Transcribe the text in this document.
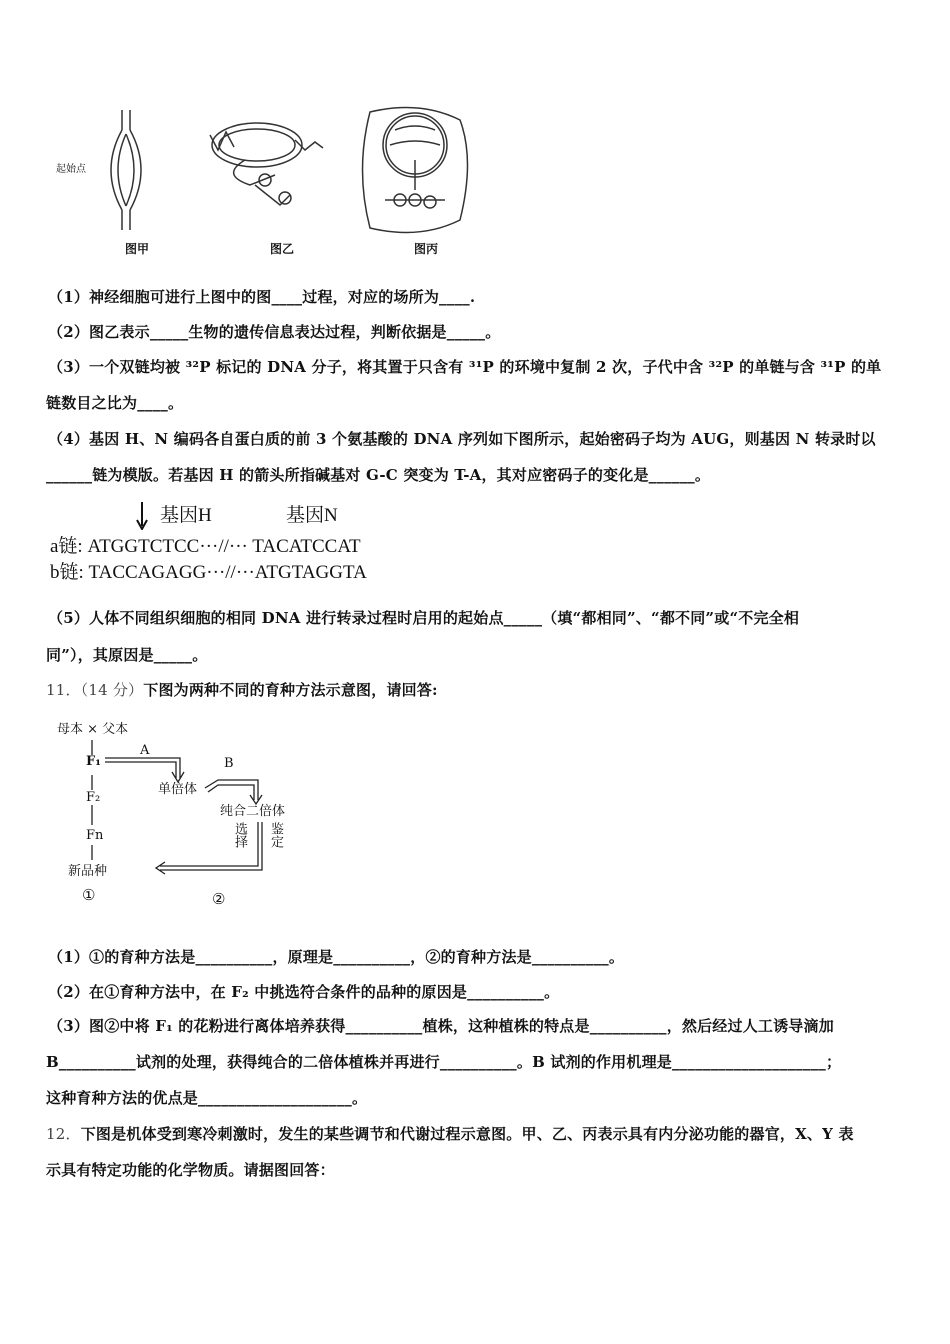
起始点
图甲	图乙	图丙
（1）神经细胞可进行上图中的图____过程，对应的场所为____.
（2）图乙表示_____生物的遗传信息表达过程，判断依据是_____。
（3）一个双链均被 ³²P 标记的 DNA 分子，将其置于只含有 ³¹P 的环境中复制 2 次，子代中含 ³²P 的单链与含 ³¹P 的单
链数目之比为____。
（4）基因 H、N 编码各自蛋白质的前 3 个氨基酸的 DNA 序列如下图所示，起始密码子均为 AUG，则基因 N 转录时以
______链为模版。若基因 H 的箭头所指碱基对 G-C 突变为 T-A，其对应密码子的变化是______。
基因H	基因N
a链: ATGGTCTCC···//··· TACATCCAT
b链: TACCAGAGG···//···ATGTAGGTA
（5）人体不同组织细胞的相同 DNA 进行转录过程时启用的起始点_____（填“都相同”、“都不同”或“不完全相
同”），其原因是_____。
11．（14 分）下图为两种不同的育种方法示意图，请回答:
母本 × 父本
F₁
F₂
Fn
新品种
①
A
单倍体
B
纯合二倍体
选择 鉴定
②
（1）①的育种方法是__________，原理是__________，②的育种方法是__________。
（2）在①育种方法中，在 F₂ 中挑选符合条件的品种的原因是__________。
（3）图②中将 F₁ 的花粉进行离体培养获得__________植株，这种植株的特点是__________，然后经过人工诱导滴加
B__________试剂的处理，获得纯合的二倍体植株并再进行__________。B 试剂的作用机理是____________________；
这种育种方法的优点是____________________。
12．下图是机体受到寒冷刺激时，发生的某些调节和代谢过程示意图。甲、乙、丙表示具有内分泌功能的器官，X、Y 表
示具有特定功能的化学物质。请据图回答：
